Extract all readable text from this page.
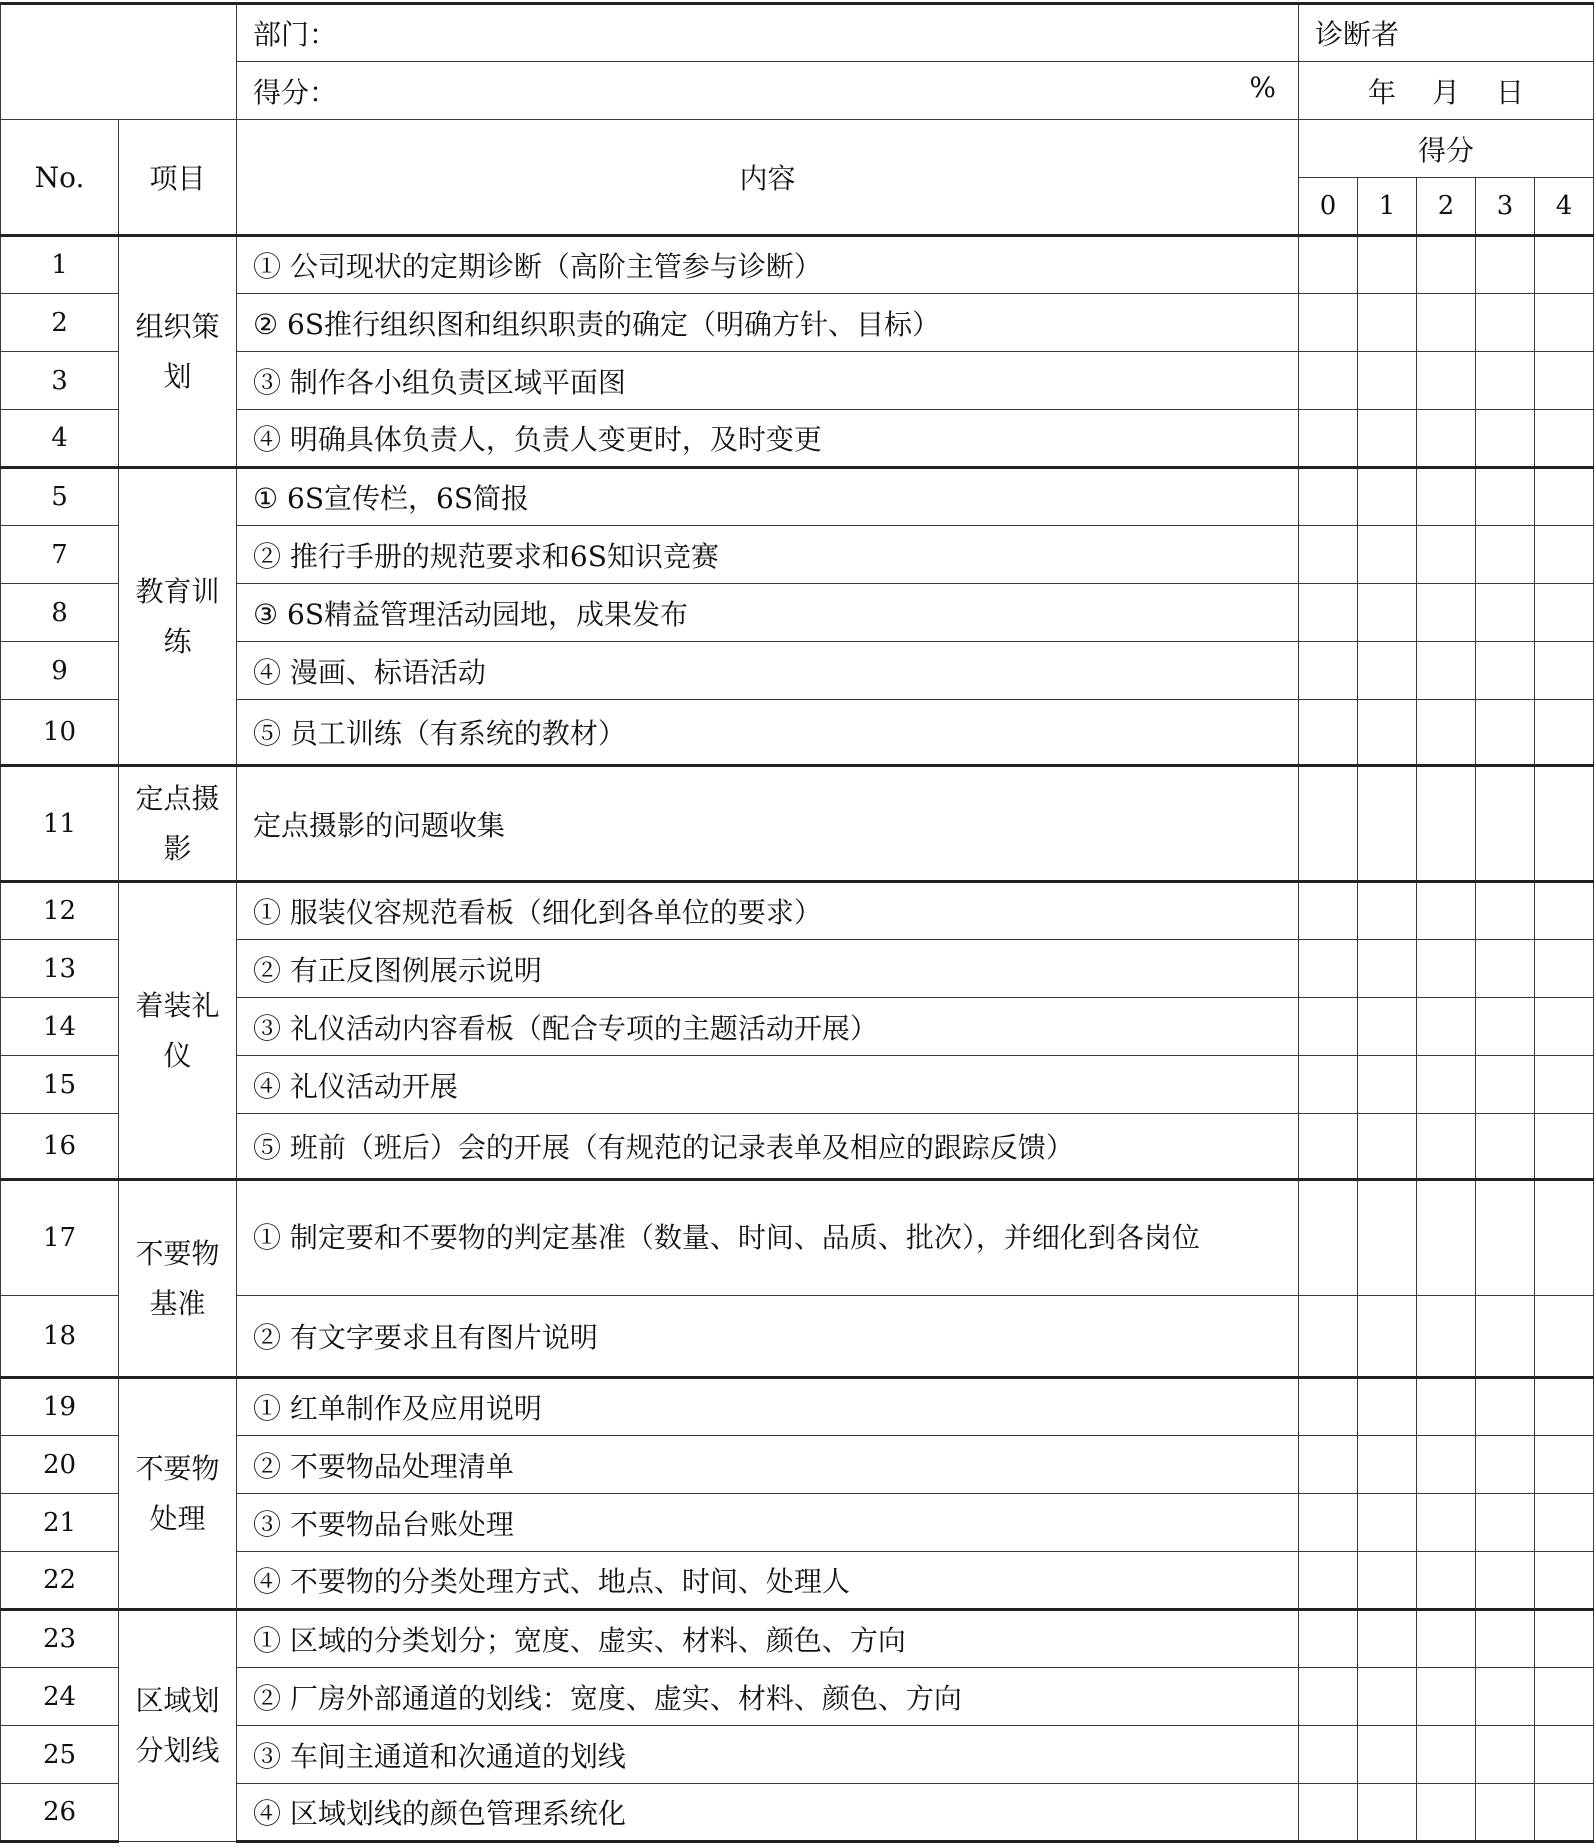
		部门：	诊断者				
		得分： %	年 月 日				
No.	项目	内容	得分				
			0	1	2	3	4
1	组织策划	① 公司现状的定期诊断（高阶主管参与诊断）					
2		② 6S推行组织图和组织职责的确定（明确方针、目标）					
3		③ 制作各小组负责区域平面图					
4		④ 明确具体负责人，负责人变更时，及时变更					
5	教育训练	① 6S宣传栏，6S简报					
7		② 推行手册的规范要求和6S知识竞赛					
8		③ 6S精益管理活动园地，成果发布					
9		④ 漫画、标语活动					
10		⑤ 员工训练（有系统的教材）					
11	定点摄影	定点摄影的问题收集					
12	着装礼仪	① 服装仪容规范看板（细化到各单位的要求）					
13		② 有正反图例展示说明					
14		③ 礼仪活动内容看板（配合专项的主题活动开展）					
15		④ 礼仪活动开展					
16		⑤ 班前（班后）会的开展（有规范的记录表单及相应的跟踪反馈）					
17	不要物基准	① 制定要和不要物的判定基准（数量、时间、品质、批次），并细化到各岗位					
18		② 有文字要求且有图片说明					
19	不要物处理	① 红单制作及应用说明					
20		② 不要物品处理清单					
21		③ 不要物品台账处理					
22		④ 不要物的分类处理方式、地点、时间、处理人					
23	区域划分划线	① 区域的分类划分；宽度、虚实、材料、颜色、方向					
24		② 厂房外部通道的划线：宽度、虚实、材料、颜色、方向					
25		③ 车间主通道和次通道的划线					
26		④ 区域划线的颜色管理系统化					
